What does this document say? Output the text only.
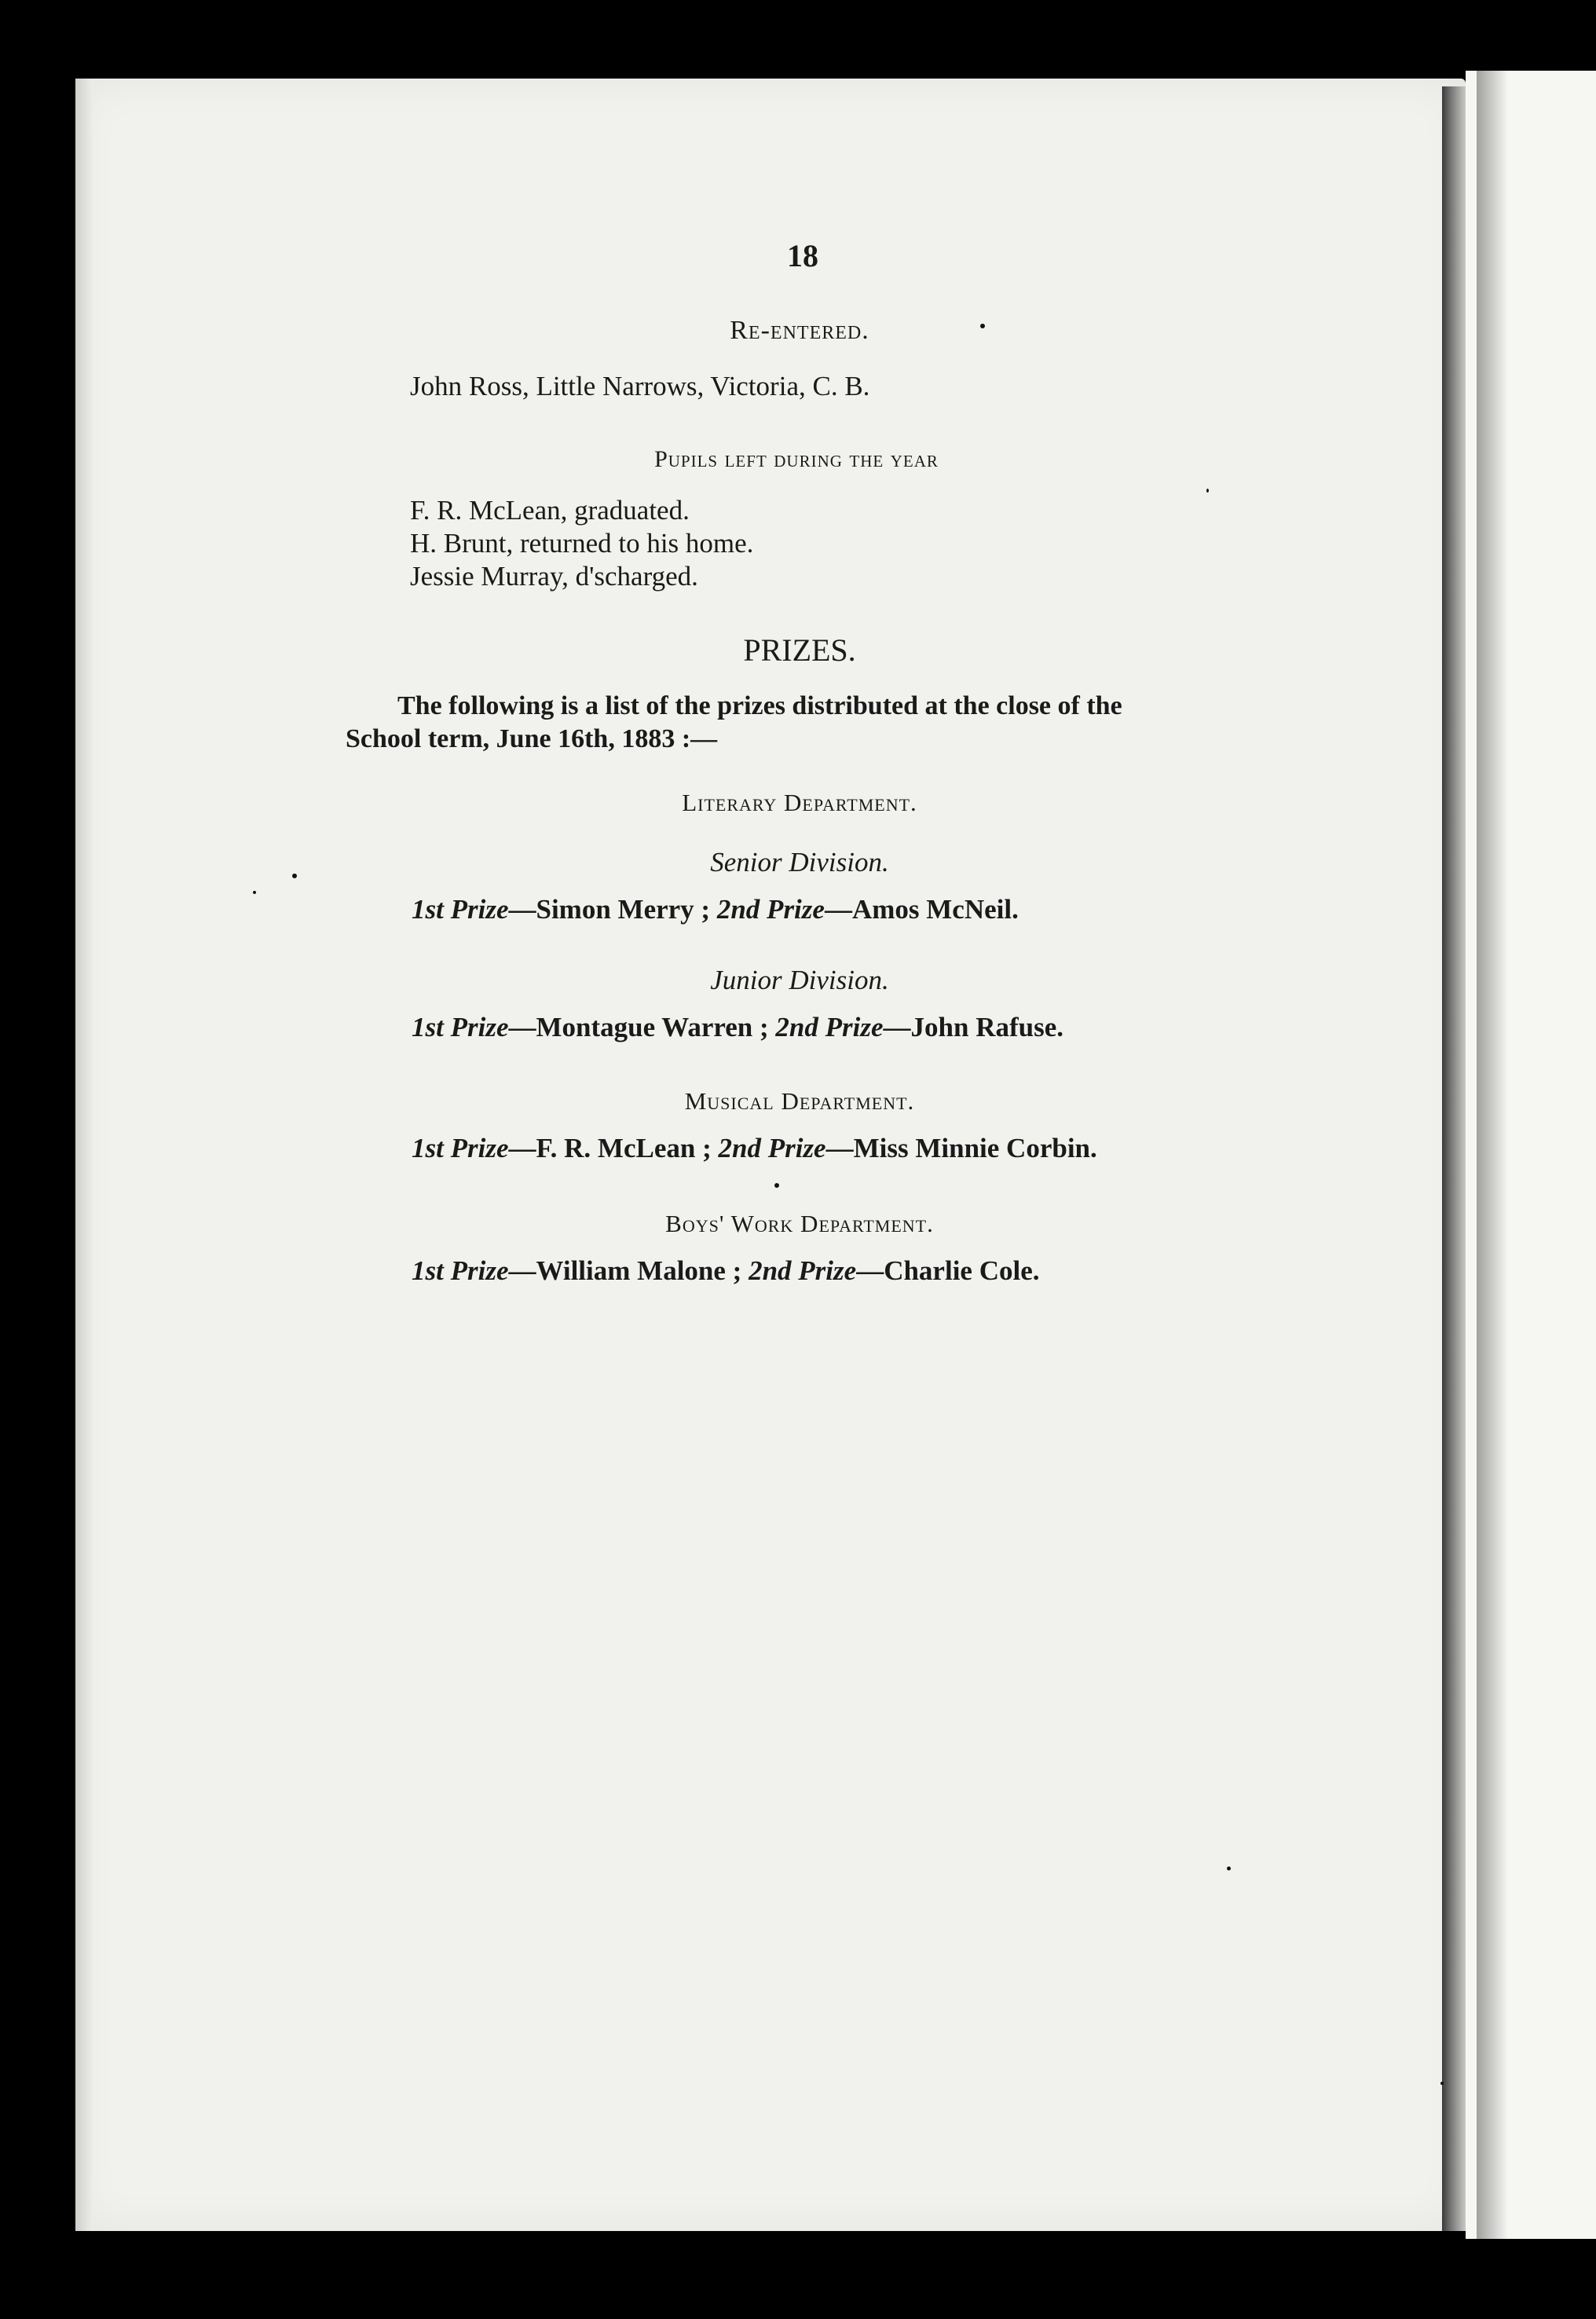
18
Re-entered.
John Ross, Little Narrows, Victoria, C. B.
Pupils left during the year
F. R. McLean, graduated.
H. Brunt, returned to his home.
Jessie Murray, d'scharged.
PRIZES.
The following is a list of the prizes distributed at the close of the
School term, June 16th, 1883 :—
Literary Department.
Senior Division.
1st Prize—Simon Merry ; 2nd Prize—Amos McNeil.
Junior Division.
1st Prize—Montague Warren ; 2nd Prize—John Rafuse.
Musical Department.
1st Prize—F. R. McLean ; 2nd Prize—Miss Minnie Corbin.
Boys' Work Department.
1st Prize—William Malone ; 2nd Prize—Charlie Cole.
